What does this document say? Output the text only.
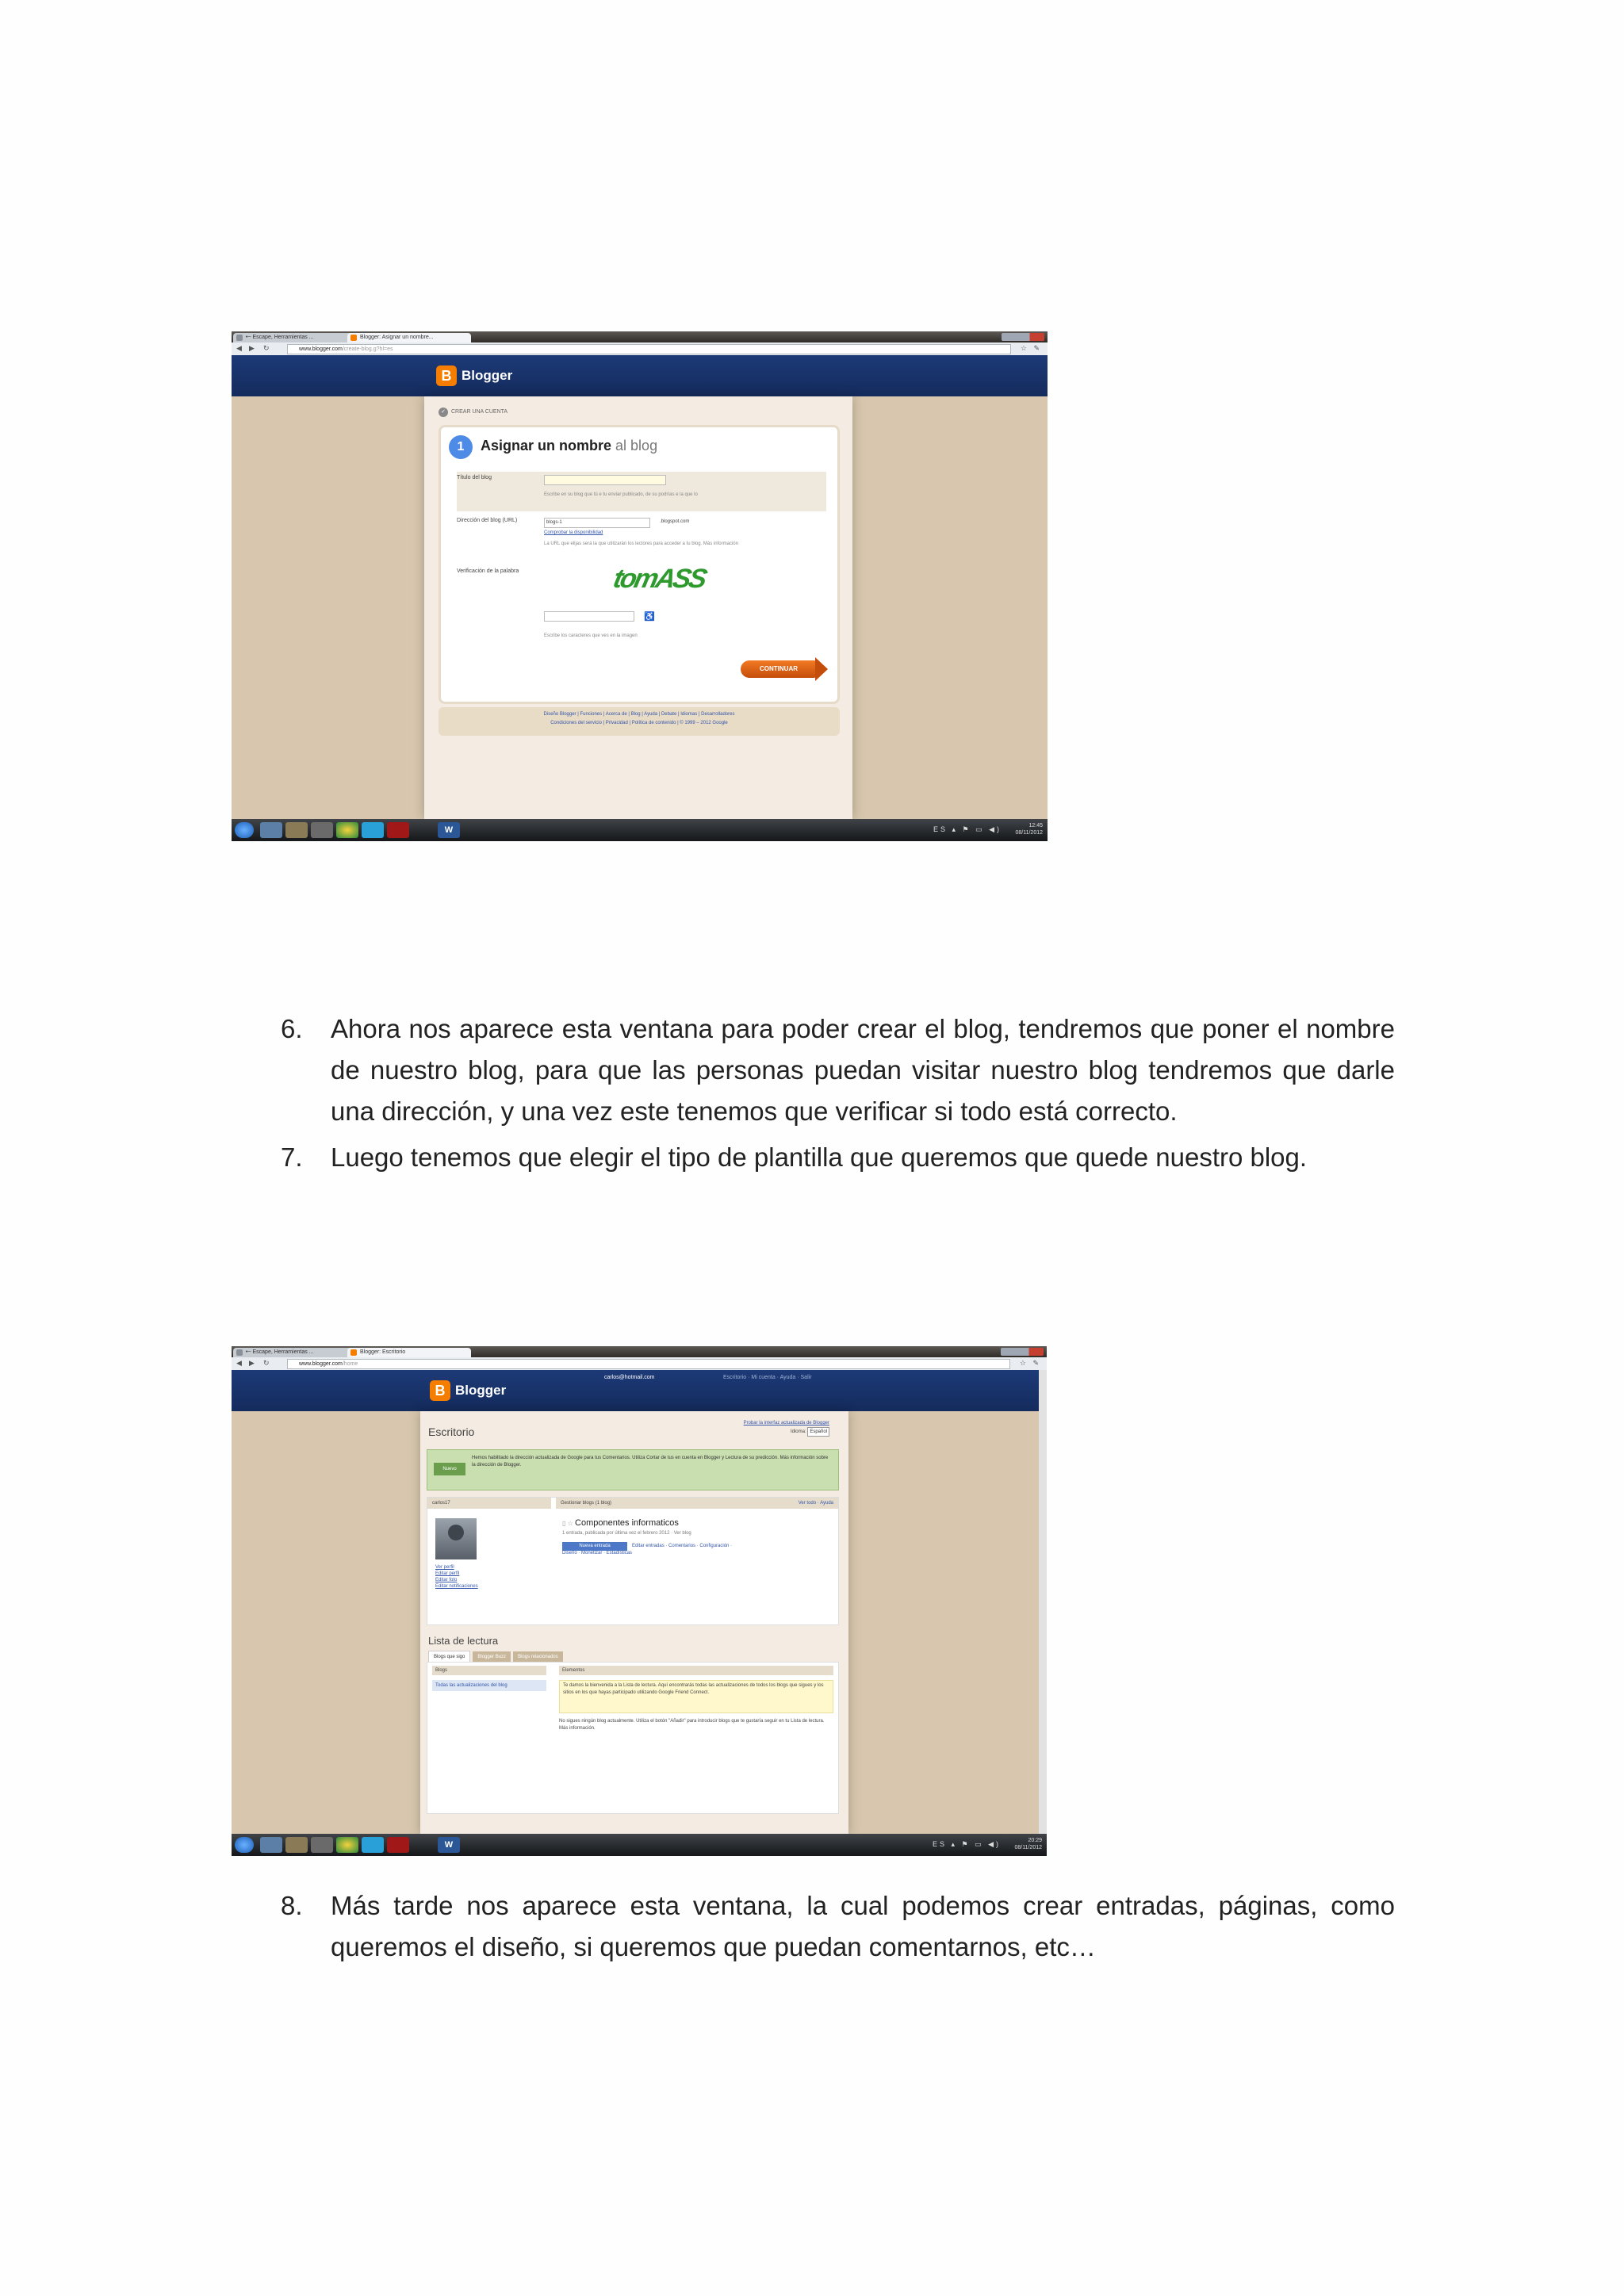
•~ Escape, Herramientas ...	Blogger: Asignar un nombre...
◀ ▶ ↻	www.blogger.com/create-blog.g?hl=es	☆ ✎
B Blogger
✓ CREAR UNA CUENTA
1	Asignar un nombre al blog
Título del blog
Escribe en su blog que tú e tu enviar publicado, de su podrías e la que lo
Dirección del blog (URL)	blogs-1	.blogspot.com
Comprobar la disponibilidad
La URL que elijas será la que utilizarán los lectores para acceder a tu blog. Más información
Verificación de la palabra
♿
Escribe los caracteres que ves en la imagen
tomASS
CONTINUAR
Diseño Blogger | Funciones | Acerca de | Blog | Ayuda | Debate | Idiomas | Desarrolladores
Condiciones del servicio | Privacidad | Política de contenido | © 1999 – 2012 Google
W	ES ▴ ⚑ ▭ ◀)	12:45
08/11/2012
6.	Ahora nos aparece esta ventana para poder crear el blog, tendremos que poner el nombre de nuestro blog, para que las personas puedan visitar nuestro blog tendremos que darle una dirección, y una vez este tenemos que verificar si todo está correcto.
7.	Luego tenemos que elegir el tipo de plantilla que queremos que quede nuestro blog.
•~ Escape, Herramientas ...	Blogger: Escritorio
◀ ▶ ↻	www.blogger.com/home	☆ ✎
B Blogger
carlos@hotmail.com	Escritorio · Mi cuenta · Ayuda · Salir
Escritorio
Probar la interfaz actualizada de Blogger
Idioma: Español
Nuevo
Hemos habilitado la dirección actualizada de Google para tus Comentarios. Utiliza Cortar de tus en cuenta en Blogger y Lectura de su predicción. Más información sobre la dirección de Blogger.
carlos17	Gestionar blogs (1 blog)	Ver todo · Ayuda
Ver perfil
Editar perfil
Editar foto
Editar notificaciones
▯ ☆ Componentes informaticos
1 entrada, publicada por última vez el febrero 2012 · Ver blog
Nueva entrada	Editar entradas · Comentarios · Configuración ·
Diseño · Monetizar · Estadísticas
Lista de lectura
Blogs que sigo	Blogger Buzz	Blogs relacionados
Blogs	Elementos
Todas las actualizaciones del blog	Te damos la bienvenida a la Lista de lectura. Aquí encontrarás todas las actualizaciones de todos los blogs que sigues y los sitios en los que hayas participado utilizando Google Friend Connect.
No sigues ningún blog actualmente. Utiliza el botón "Añadir" para introducir blogs que te gustaría seguir en tu Lista de lectura. Más información.
W	ES ▴ ⚑ ▭ ◀)	20:29
08/11/2012
8.	Más tarde nos aparece esta ventana, la cual podemos crear entradas, páginas, como queremos el diseño, si queremos que puedan comentarnos, etc…
